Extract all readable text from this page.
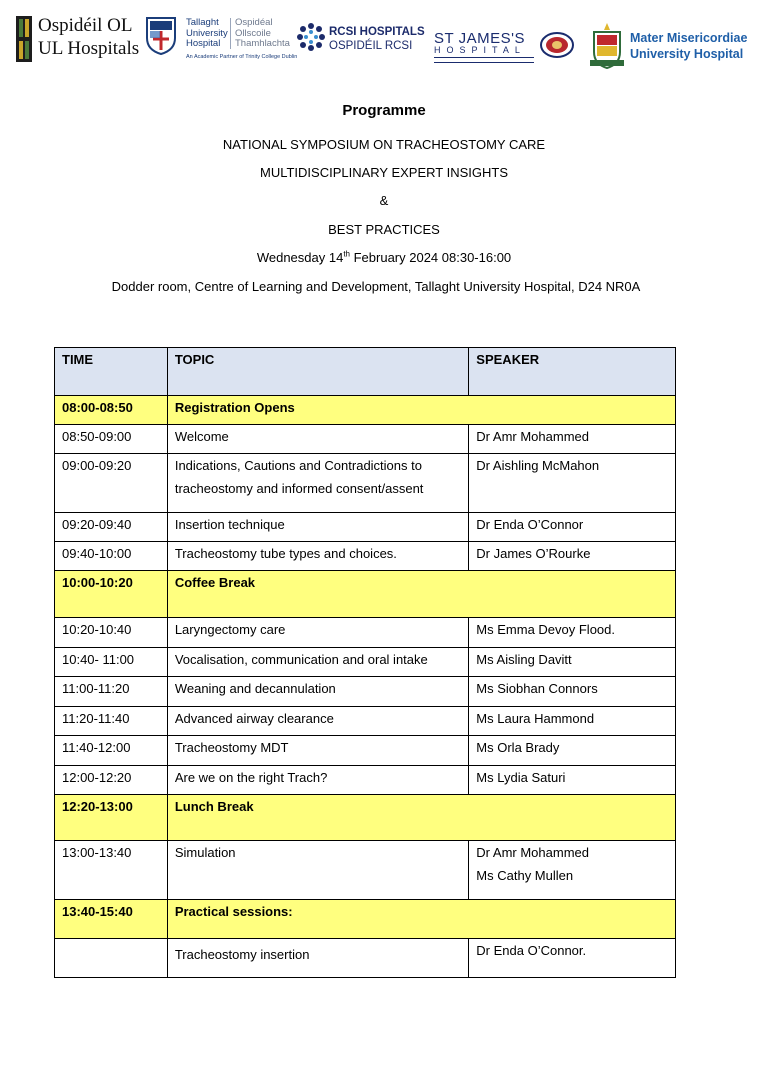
Ospidéil OL
UL Hospitals
Tallaght
University
Hospital
Ospidéal
Ollscoile
Thamhlachta
An Academic Partner of Trinity College Dublin
RCSI HOSPITALS
OSPIDÉIL RCSI ST JAMES'S
HOSPITAL
Mater Misericordiae
University Hospital
Programme
NATIONAL SYMPOSIUM ON TRACHEOSTOMY CARE
MULTIDISCIPLINARY EXPERT INSIGHTS
&
BEST PRACTICES
Wednesday 14th February 2024 08:30-16:00
Dodder room, Centre of Learning and Development, Tallaght University Hospital, D24 NR0A
TIME	TOPIC	SPEAKER
08:00-08:50	Registration Opens	
08:50-09:00	Welcome	Dr Amr Mohammed
09:00-09:20	Indications, Cautions and Contradictions to
tracheostomy and informed consent/assent	Dr Aishling McMahon
09:20-09:40	Insertion technique	Dr Enda O’Connor
09:40-10:00	Tracheostomy tube types and choices.	Dr James O’Rourke
10:00-10:20	Coffee Break	
10:20-10:40	Laryngectomy care	Ms Emma Devoy Flood.
10:40- 11:00	Vocalisation, communication and oral intake	Ms Aisling Davitt
11:00-11:20	Weaning and decannulation	Ms Siobhan Connors
11:20-11:40	Advanced airway clearance	Ms Laura Hammond
11:40-12:00	Tracheostomy MDT	Ms Orla Brady
12:00-12:20	Are we on the right Trach?	Ms Lydia Saturi
12:20-13:00	Lunch Break	
13:00-13:40	Simulation	Dr Amr Mohammed
Ms Cathy Mullen

13:40-15:40	Practical sessions:	
	Tracheostomy insertion	Dr Enda O’Connor.
